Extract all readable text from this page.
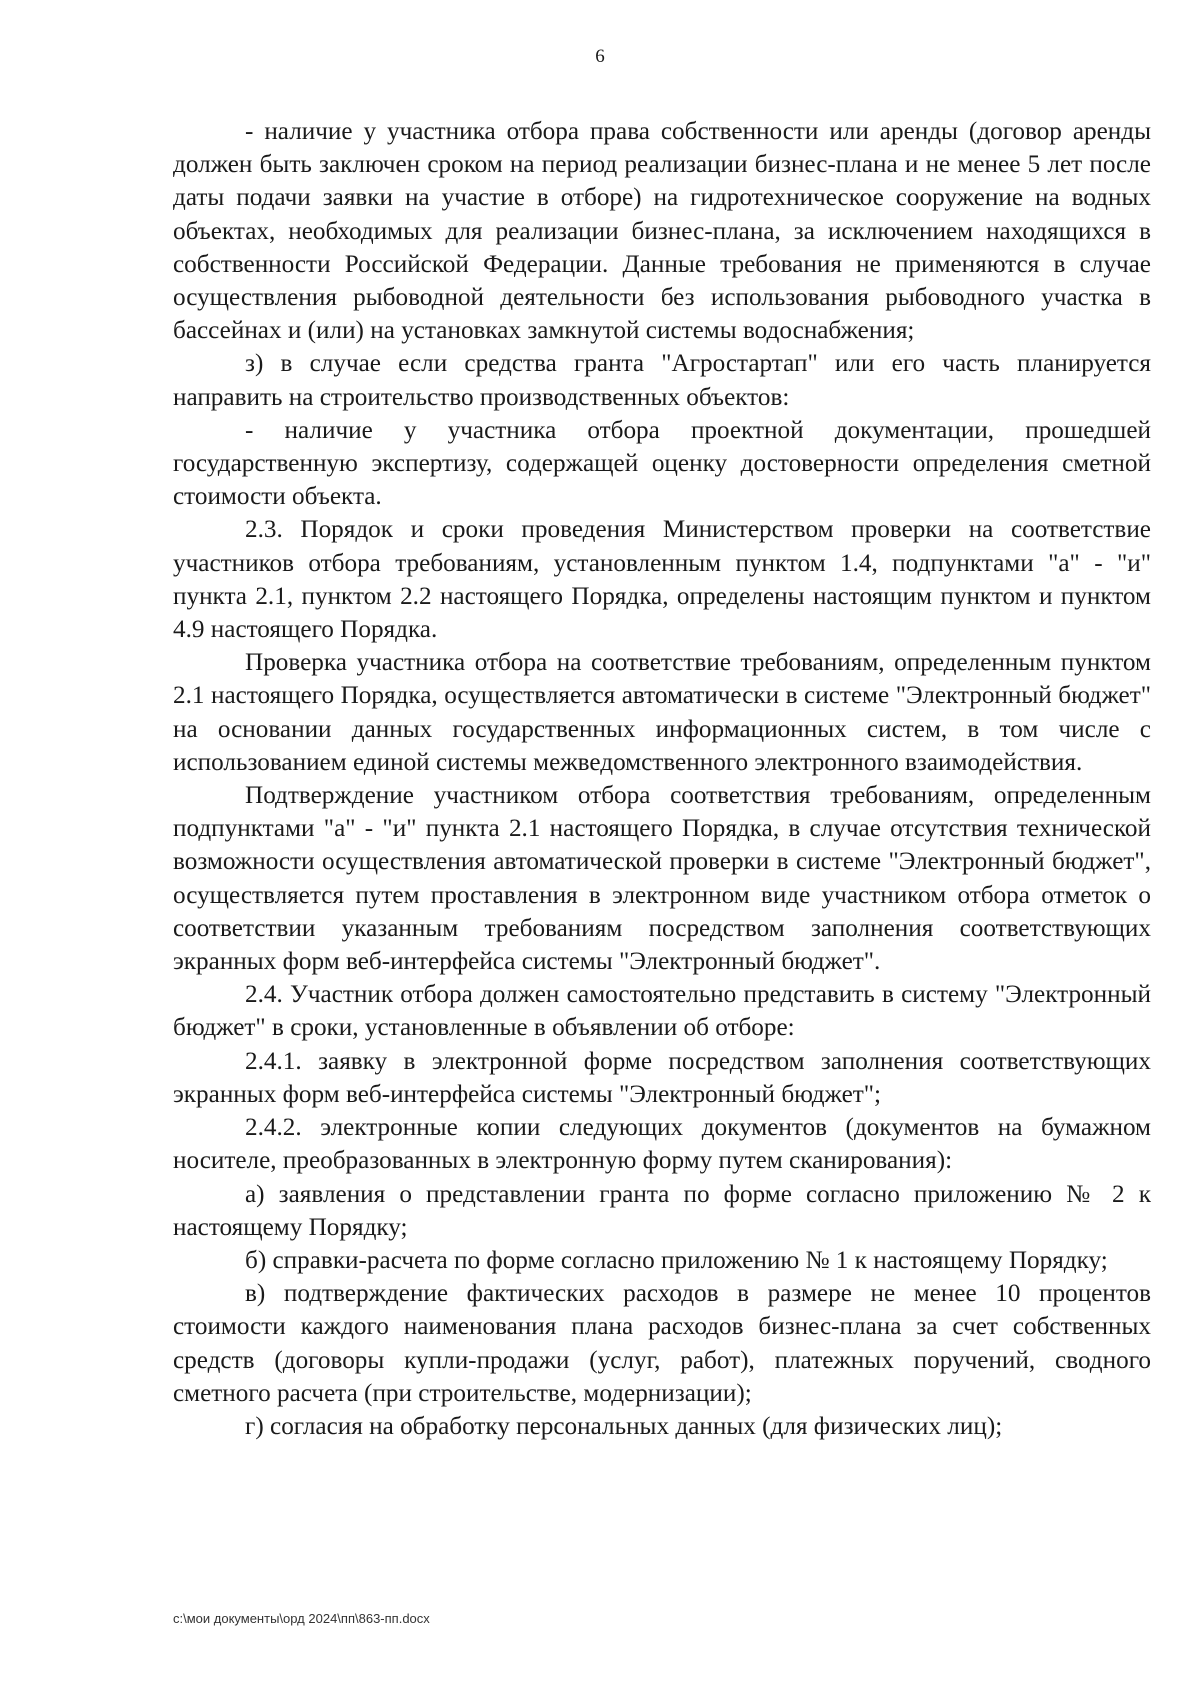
6

- наличие у участника отбора права собственности или аренды (договор аренды должен быть заключен сроком на период реализации бизнес-плана и не менее 5 лет после даты подачи заявки на участие в отборе) на гидротехническое сооружение на водных объектах, необходимых для реализации бизнес-плана, за исключением находящихся в собственности Российской Федерации. Данные требования не применяются в случае осуществления рыбоводной деятельности без использования рыбоводного участка в бассейнах и (или) на установках замкнутой системы водоснабжения;

з) в случае если средства гранта "Агростартап" или его часть планируется направить на строительство производственных объектов:

- наличие у участника отбора проектной документации, прошедшей государственную экспертизу, содержащей оценку достоверности определения сметной стоимости объекта.

2.3. Порядок и сроки проведения Министерством проверки на соответствие участников отбора требованиям, установленным пунктом 1.4, подпунктами "а" - "и" пункта 2.1, пунктом 2.2 настоящего Порядка, определены настоящим пунктом и пунктом 4.9 настоящего Порядка.

Проверка участника отбора на соответствие требованиям, определенным пунктом 2.1 настоящего Порядка, осуществляется автоматически в системе "Электронный бюджет" на основании данных государственных информационных систем, в том числе с использованием единой системы межведомственного электронного взаимодействия.

Подтверждение участником отбора соответствия требованиям, определенным подпунктами "а" - "и" пункта 2.1 настоящего Порядка, в случае отсутствия технической возможности осуществления автоматической проверки в системе "Электронный бюджет", осуществляется путем проставления в электронном виде участником отбора отметок о соответствии указанным требованиям посредством заполнения соответствующих экранных форм веб-интерфейса системы "Электронный бюджет".

2.4. Участник отбора должен самостоятельно представить в систему "Электронный бюджет" в сроки, установленные в объявлении об отборе:

2.4.1. заявку в электронной форме посредством заполнения соответствующих экранных форм веб-интерфейса системы "Электронный бюджет";

2.4.2. электронные копии следующих документов (документов на бумажном носителе, преобразованных в электронную форму путем сканирования):

а) заявления о представлении гранта по форме согласно приложению № 2 к настоящему Порядку;

б) справки-расчета по форме согласно приложению № 1 к настоящему Порядку;

в) подтверждение фактических расходов в размере не менее 10 процентов стоимости каждого наименования плана расходов бизнес-плана за счет собственных средств (договоры купли-продажи (услуг, работ), платежных поручений, сводного сметного расчета (при строительстве, модернизации);

г) согласия на обработку персональных данных (для физических лиц);

c:\мои документы\орд 2024\пп\863-пп.docx
